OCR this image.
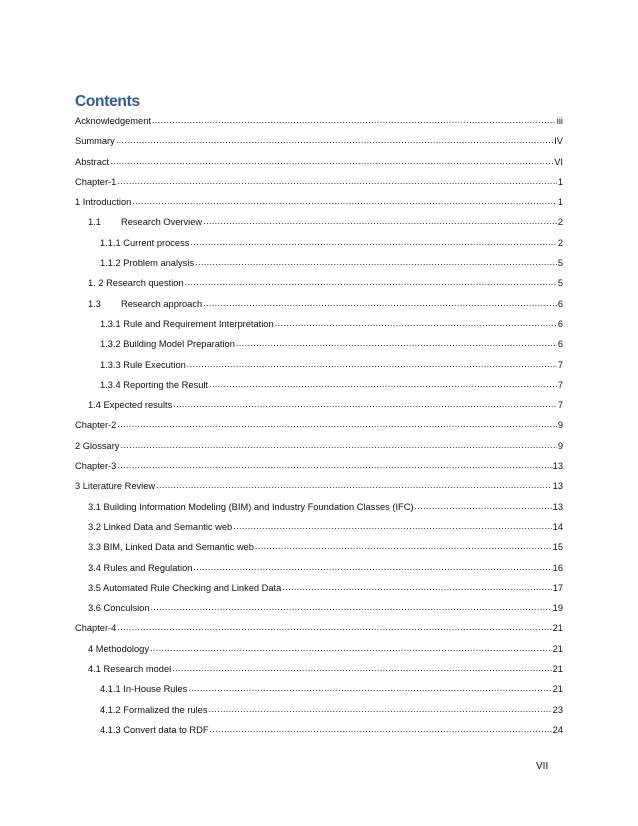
Contents
Acknowledgement .....	iii
Summary .....	IV
Abstract .....	VI
Chapter-1 .....	1
1 Introduction .....	1
1.1	Research Overview .....	2
1.1.1 Current process .....	2
1.1.2 Problem analysis .....	5
1. 2 Research question .....	5
1.3	Research approach .....	6
1.3.1 Rule and Requirement Interpretation .....	6
1.3.2 Building Model Preparation .....	6
1.3.3 Rule Execution .....	7
1.3.4 Reporting the Result .....	7
1.4 Expected results .....	7
Chapter-2 .....	9
2 Glossary .....	9
Chapter-3 .....	13
3 Literature Review .....	13
3.1 Building Information Modeling (BIM) and Industry Foundation Classes (IFC) .....	13
3.2 Linked Data and Semantic web .....	14
3.3 BIM, Linked Data and Semantic web .....	15
3.4 Rules and Regulation .....	16
3.5 Automated Rule Checking and Linked Data .....	17
3.6 Conculsion .....	19
Chapter-4 .....	21
4 Methodology .....	21
4.1 Research model .....	21
4.1.1 In-House Rules .....	21
4.1.2 Formalized the rules .....	23
4.1.3 Convert data to RDF .....	24
VII
